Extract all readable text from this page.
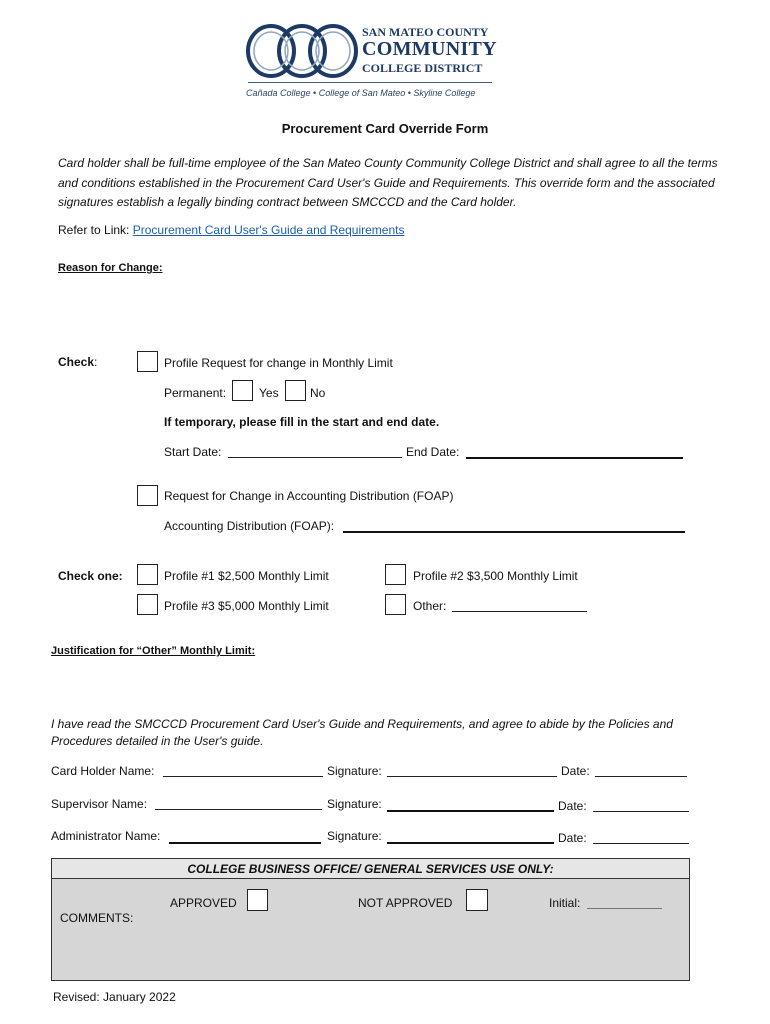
SAN MATEO COUNTY
COMMUNITY
COLLEGE DISTRICT
Cañada College • College of San Mateo • Skyline College
Procurement Card Override Form
Card holder shall be full-time employee of the San Mateo County Community College District and shall agree to all the terms and conditions established in the Procurement Card User's Guide and Requirements. This override form and the associated signatures establish a legally binding contract between SMCCCD and the Card holder.
Refer to Link: Procurement Card User's Guide and Requirements
Reason for Change:
Check:	Profile Request for change in Monthly Limit
Permanent:	Yes	No
If temporary, please fill in the start and end date.
Start Date:	End Date:
Request for Change in Accounting Distribution (FOAP)
Accounting Distribution (FOAP):
Check one:	Profile #1 $2,500 Monthly Limit	Profile #2 $3,500 Monthly Limit
Profile #3 $5,000 Monthly Limit	Other:
Justification for “Other” Monthly Limit:
I have read the SMCCCD Procurement Card User's Guide and Requirements, and agree to abide by the Policies and Procedures detailed in the User's guide.
Card Holder Name:	Signature:	Date:
Supervisor Name:	Signature:	Date:
Administrator Name:	Signature:	Date:
COLLEGE BUSINESS OFFICE/ GENERAL SERVICES USE ONLY:
APPROVED	NOT APPROVED	Initial:
COMMENTS:
Revised: January 2022
